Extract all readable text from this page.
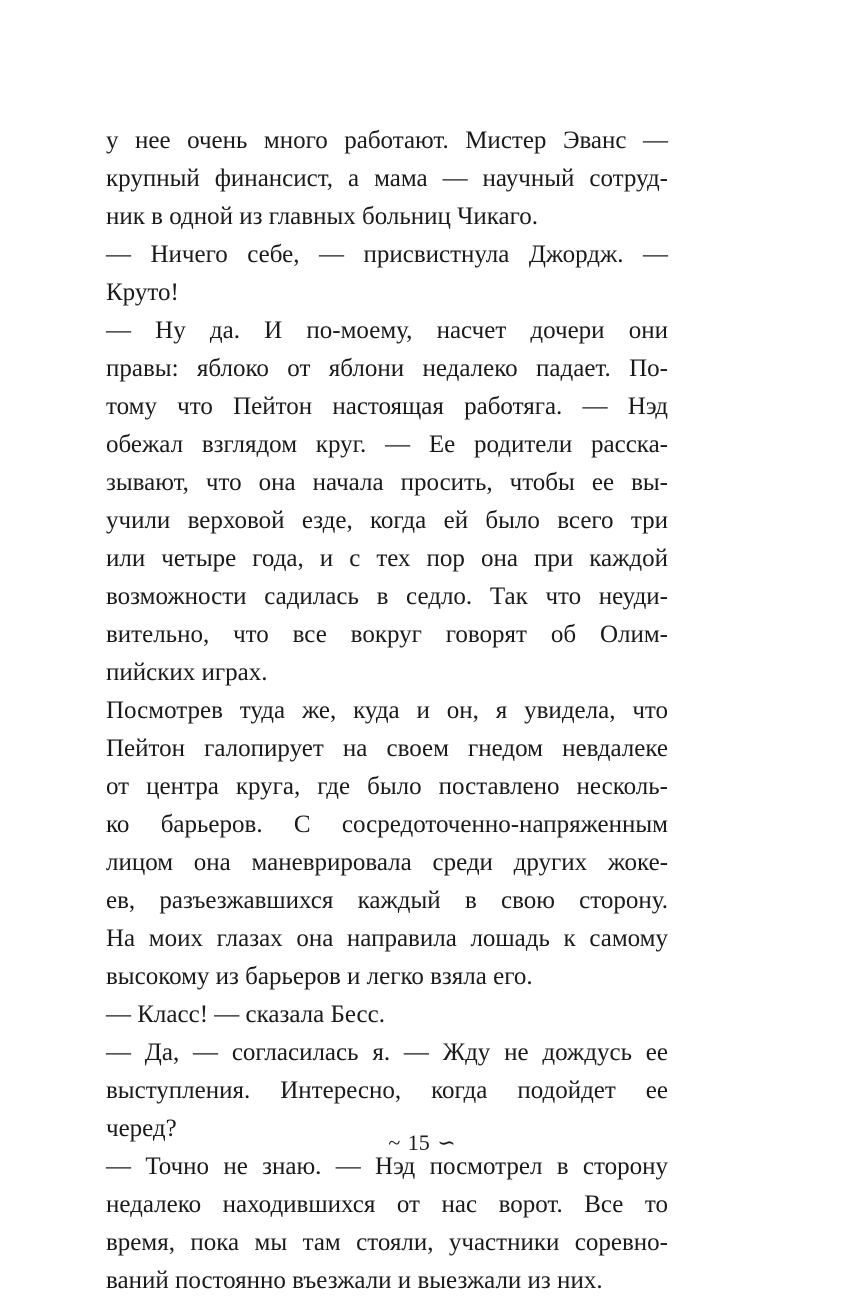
у нее очень много работают. Мистер Эванс —
крупный финансист, а мама — научный сотруд-
ник в одной из главных больниц Чикаго.
— Ничего себе, — присвистнула Джордж. —
Круто!
— Ну да. И по-моему, насчет дочери они
правы: яблоко от яблони недалеко падает. По-
тому что Пейтон настоящая работяга. — Нэд
обежал взглядом круг. — Ее родители расска-
зывают, что она начала просить, чтобы ее вы-
учили верховой езде, когда ей было всего три
или четыре года, и с тех пор она при каждой
возможности садилась в седло. Так что неуди-
вительно, что все вокруг говорят об Олим-
пийских играх.
Посмотрев туда же, куда и он, я увидела, что
Пейтон галопирует на своем гнедом невдалеке
от центра круга, где было поставлено несколь-
ко барьеров. С сосредоточенно-напряженным
лицом она маневрировала среди других жоке-
ев, разъезжавшихся каждый в свою сторону.
На моих глазах она направила лошадь к самому
высокому из барьеров и легко взяла его.
— Класс! — сказала Бесс.
— Да, — согласилась я. — Жду не дождусь ее
выступления. Интересно, когда подойдет ее
черед?
— Точно не знаю. — Нэд посмотрел в сторону
недалеко находившихся от нас ворот. Все то
время, пока мы там стояли, участники соревно-
ваний постоянно въезжали и выезжали из них.
~ 15 ∽
